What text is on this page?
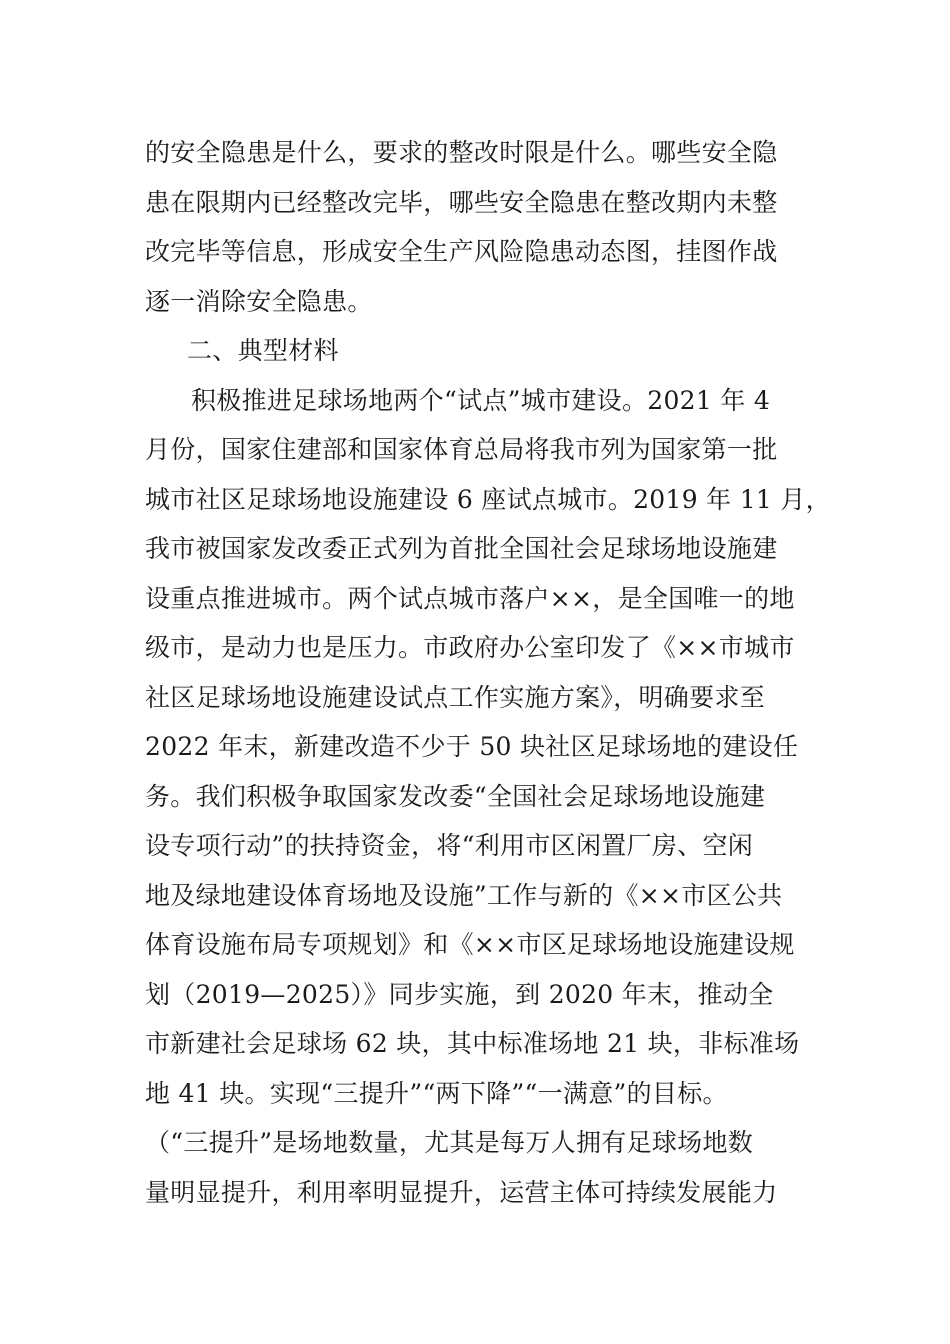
的安全隐患是什么，要求的整改时限是什么。哪些安全隐
患在限期内已经整改完毕，哪些安全隐患在整改期内未整
改完毕等信息，形成安全生产风险隐患动态图，挂图作战
逐一消除安全隐患。
二、典型材料
积极推进足球场地两个“试点”城市建设。2021 年 4
月份，国家住建部和国家体育总局将我市列为国家第一批
城市社区足球场地设施建设 6 座试点城市。2019 年 11 月，
我市被国家发改委正式列为首批全国社会足球场地设施建
设重点推进城市。两个试点城市落户××，是全国唯一的地
级市，是动力也是压力。市政府办公室印发了《××市城市
社区足球场地设施建设试点工作实施方案》，明确要求至
2022 年末，新建改造不少于 50 块社区足球场地的建设任
务。我们积极争取国家发改委“全国社会足球场地设施建
设专项行动”的扶持资金，将“利用市区闲置厂房、空闲
地及绿地建设体育场地及设施”工作与新的《××市区公共
体育设施布局专项规划》和《××市区足球场地设施建设规
划（2019—2025）》同步实施，到 2020 年末，推动全
市新建社会足球场 62 块，其中标准场地 21 块，非标准场
地 41 块。实现“三提升”“两下降”“一满意”的目标。
（“三提升”是场地数量，尤其是每万人拥有足球场地数
量明显提升，利用率明显提升，运营主体可持续发展能力
